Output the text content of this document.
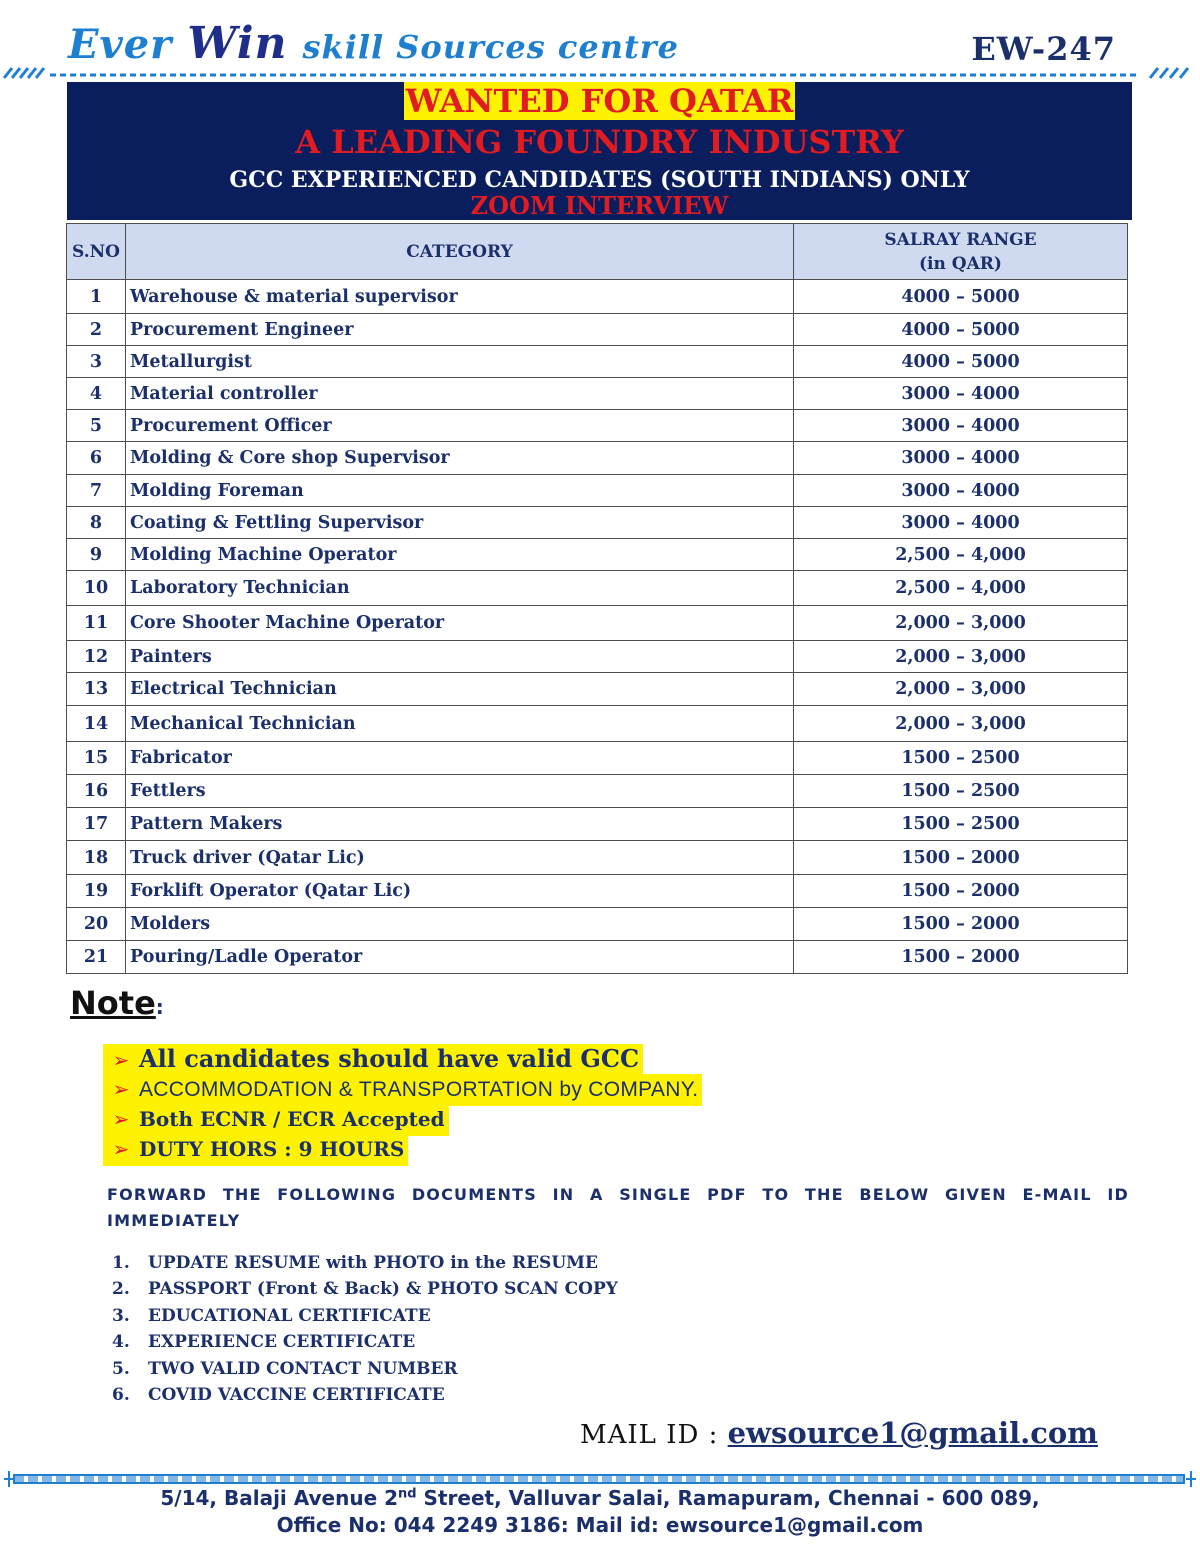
Ever Win skill Sources centre	EW-247
WANTED FOR QATAR
A LEADING FOUNDRY INDUSTRY
GCC EXPERIENCED CANDIDATES (SOUTH INDIANS) ONLY
ZOOM INTERVIEW
S.NO	CATEGORY	SALRAY RANGE
(in QAR)

1	Warehouse & material supervisor	4000 – 5000
2	Procurement Engineer	4000 – 5000
3	Metallurgist	4000 – 5000
4	Material controller	3000 – 4000
5	Procurement Officer	3000 – 4000
6	Molding & Core shop Supervisor	3000 – 4000
7	Molding Foreman	3000 – 4000
8	Coating & Fettling Supervisor	3000 – 4000
9	Molding Machine Operator	2,500 – 4,000
10	Laboratory Technician	2,500 – 4,000
11	Core Shooter Machine Operator	2,000 – 3,000
12	Painters	2,000 – 3,000
13	Electrical Technician	2,000 – 3,000
14	Mechanical Technician	2,000 – 3,000
15	Fabricator	1500 – 2500
16	Fettlers	1500 – 2500
17	Pattern Makers	1500 – 2500
18	Truck driver (Qatar Lic)	1500 – 2000
19	Forklift Operator (Qatar Lic)	1500 – 2000
20	Molders	1500 – 2000
21	Pouring/Ladle Operator	1500 – 2000
Note:
➢ All candidates should have valid GCC
➢ ACCOMMODATION & TRANSPORTATION by COMPANY.
➢ Both ECNR / ECR Accepted
➢ DUTY HORS : 9 HOURS
FORWARD THE FOLLOWING DOCUMENTS IN A SINGLE PDF TO THE BELOW GIVEN E-MAIL ID IMMEDIATELY
1. UPDATE RESUME with PHOTO in the RESUME
2. PASSPORT (Front & Back) & PHOTO SCAN COPY
3. EDUCATIONAL CERTIFICATE
4. EXPERIENCE CERTIFICATE
5. TWO VALID CONTACT NUMBER
6. COVID VACCINE CERTIFICATE
MAIL ID : ewsource1@gmail.com
5/14, Balaji Avenue 2nd Street, Valluvar Salai, Ramapuram, Chennai - 600 089,
Office No: 044 2249 3186: Mail id: ewsource1@gmail.com
